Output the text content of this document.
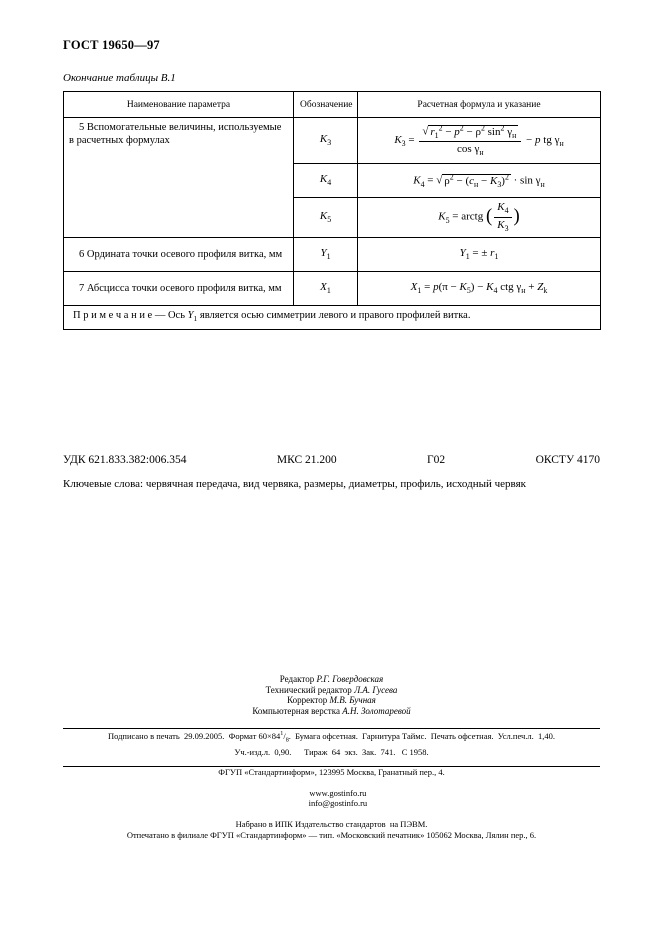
ГОСТ 19650—97
Окончание таблицы В.1
Наименование параметра	Обозначение	Расчетная формула и указание
5 Вспомогательные величины, используемые в расчетных формулах	$K_3$	$K_3 = \frac{√ r_1^2 - p^2 - \rho^2 \sin^2 \gamma_н}{\cos \gamma_н} - p$ tg $\gamma_н$
	$K_4$	$K_4$ = √ $\rho^2 - (c_н - K_3)^2 \cdot \sin \gamma_н$
	$K_5$	$K_5$ = arctg ( $\frac{K_4}{K_3}$ )
6 Ордината точки осевого профиля витка, мм	$Y_1$	$Y_1$ = ± $r_1$
7 Абсцисса точки осевого профиля витка, мм	$X_1$	$X_1 = p(\pi - K_5) - K_4$ ctg $\gamma_н + Z_k$
П р и м е ч а н и е — Ось $Y_1$ является осью симметрии левого и правого профилей витка.		
УДК 621.833.382:006.354	МКС 21.200	Г02	ОКСТУ 4170
Ключевые слова: червячная передача, вид червяка, размеры, диаметры, профиль, исходный червяк
Редактор Р.Г. Говердовская
Технический редактор Л.А. Гусева
Корректор М.В. Бучная
Компьютерная верстка А.Н. Золотаревой
Подписано в печать  29.09.2005.  Формат $60\times 84^1/_8$.  Бумага офсетная.  Гарнитура Таймс.  Печать офсетная.  Усл.печ.л.  1,40.
Уч.-изд.л.  0,90.      Тираж  64  экз.  Зак.  741.   С 1958.
ФГУП «Стандартинформ», 123995 Москва, Гранатный пер., 4.

www.gostinfo.ru
info@gostinfo.ru

Набрано в ИПК Издательство стандартов  на ПЭВМ.
Отпечатано в филиале ФГУП «Стандартинформ» — тип. «Московский печатник» 105062 Москва, Лялин пер., 6.
